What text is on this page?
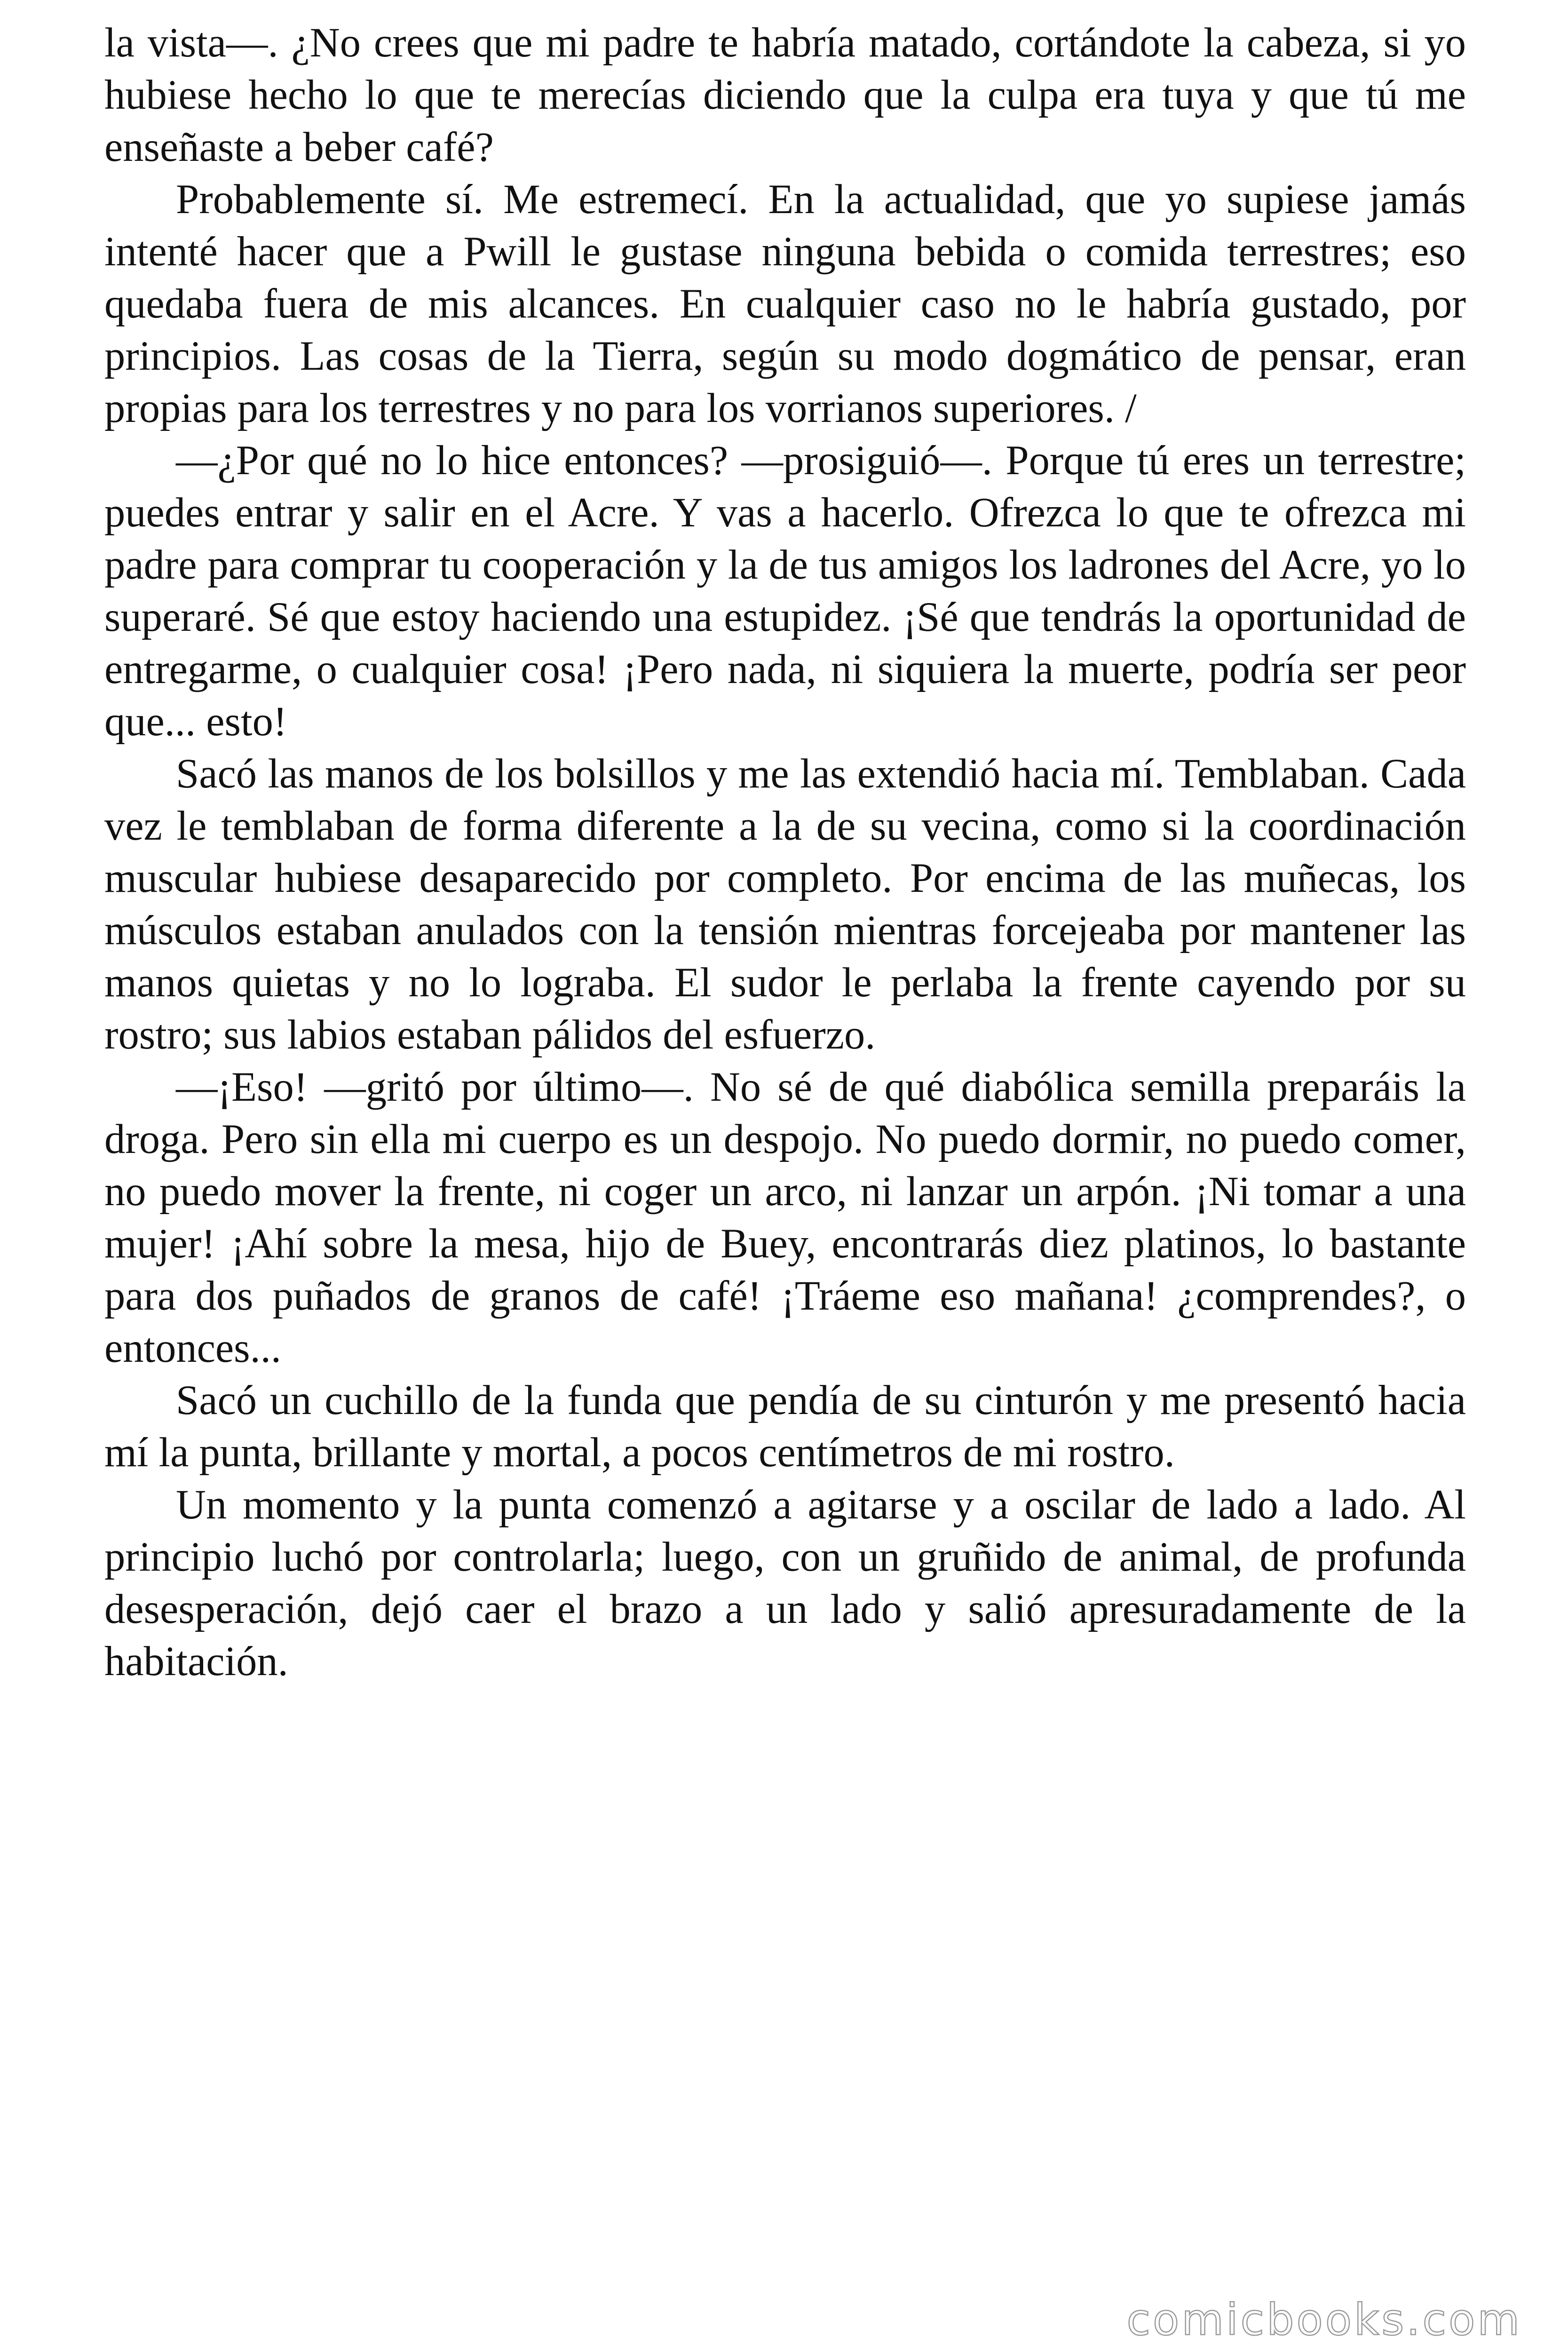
la vista—. ¿No crees que mi padre te habría matado, cortándote la cabeza, si yo hubiese hecho lo que te merecías diciendo que la culpa era tuya y que tú me enseñaste a beber café?

Probablemente sí. Me estremecí. En la actualidad, que yo supiese jamás intenté hacer que a Pwill le gustase ninguna bebida o comida terrestres; eso quedaba fuera de mis alcances. En cualquier caso no le habría gustado, por principios. Las cosas de la Tierra, según su modo dogmático de pensar, eran propias para los terrestres y no para los vorrianos superiores. /

—¿Por qué no lo hice entonces? —prosiguió—. Porque tú eres un terrestre; puedes entrar y salir en el Acre. Y vas a hacerlo. Ofrezca lo que te ofrezca mi padre para comprar tu cooperación y la de tus amigos los ladrones del Acre, yo lo superaré. Sé que estoy haciendo una estupidez. ¡Sé que tendrás la oportunidad de entregarme, o cualquier cosa! ¡Pero nada, ni siquiera la muerte, podría ser peor que... esto!

Sacó las manos de los bolsillos y me las extendió hacia mí. Temblaban. Cada vez le temblaban de forma diferente a la de su vecina, como si la coordinación muscular hubiese desaparecido por completo. Por encima de las muñecas, los músculos estaban anulados con la tensión mientras forcejeaba por mantener las manos quietas y no lo lograba. El sudor le perlaba la frente cayendo por su rostro; sus labios estaban pálidos del esfuerzo.

—¡Eso! —gritó por último—. No sé de qué diabólica semilla preparáis la droga. Pero sin ella mi cuerpo es un despojo. No puedo dormir, no puedo comer, no puedo mover la frente, ni coger un arco, ni lanzar un arpón. ¡Ni tomar a una mujer! ¡Ahí sobre la mesa, hijo de Buey, encontrarás diez platinos, lo bastante para dos puñados de granos de café! ¡Tráeme eso mañana! ¿comprendes?, o entonces...

Sacó un cuchillo de la funda que pendía de su cinturón y me presentó hacia mí la punta, brillante y mortal, a pocos centímetros de mi rostro.

Un momento y la punta comenzó a agitarse y a oscilar de lado a lado. Al principio luchó por controlarla; luego, con un gruñido de animal, de profunda desesperación, dejó caer el brazo a un lado y salió apresuradamente de la habitación.

comicbooks.com
